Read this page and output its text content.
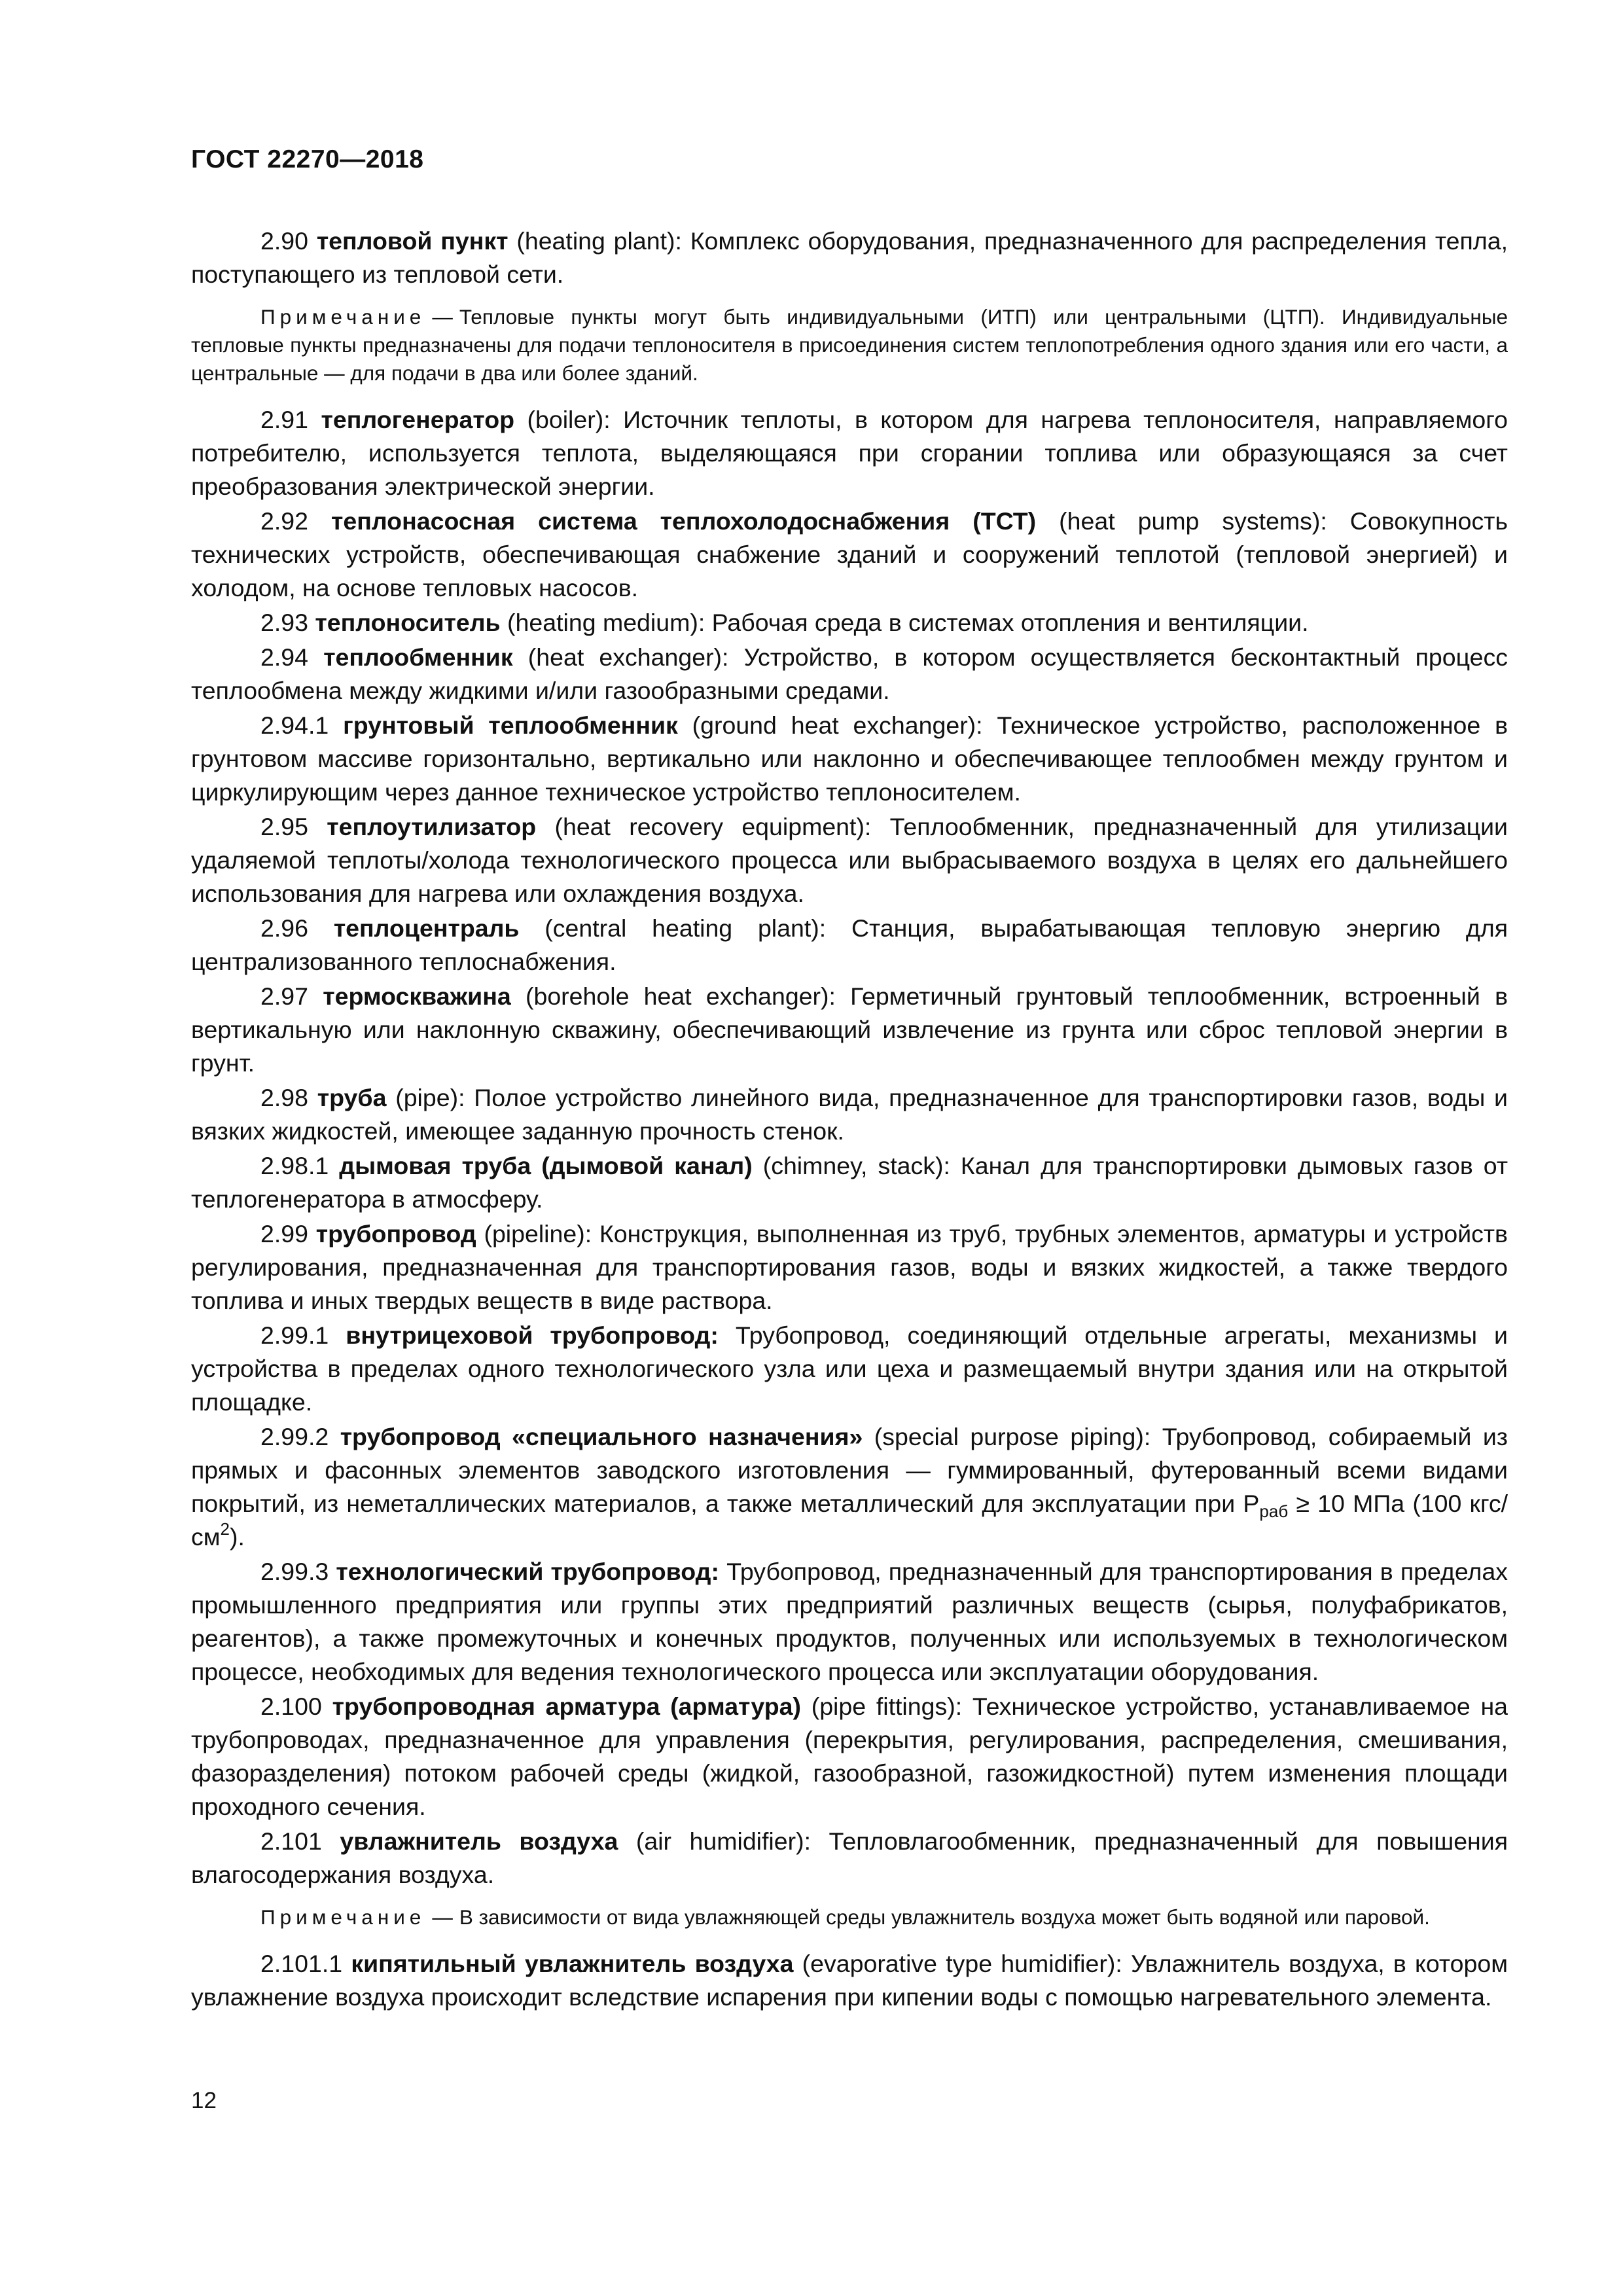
ГОСТ 22270—2018

2.90 тепловой пункт (heating plant): Комплекс оборудования, предназначенного для распределения тепла, поступающего из тепловой сети.

Примечание — Тепловые пункты могут быть индивидуальными (ИТП) или центральными (ЦТП). Индивидуальные тепловые пункты предназначены для подачи теплоносителя в присоединения систем теплопотребления одного здания или его части, а центральные — для подачи в два или более зданий.

2.91 теплогенератор (boiler): Источник теплоты, в котором для нагрева теплоносителя, направляемого потребителю, используется теплота, выделяющаяся при сгорании топлива или образующаяся за счет преобразования электрической энергии.

2.92 теплонасосная система теплохолодоснабжения (ТСТ) (heat pump systems): Совокупность технических устройств, обеспечивающая снабжение зданий и сооружений теплотой (тепловой энергией) и холодом, на основе тепловых насосов.

2.93 теплоноситель (heating medium): Рабочая среда в системах отопления и вентиляции.

2.94 теплообменник (heat exchanger): Устройство, в котором осуществляется бесконтактный процесс теплообмена между жидкими и/или газообразными средами.

2.94.1 грунтовый теплообменник (ground heat exchanger): Техническое устройство, расположенное в грунтовом массиве горизонтально, вертикально или наклонно и обеспечивающее теплообмен между грунтом и циркулирующим через данное техническое устройство теплоносителем.

2.95 теплоутилизатор (heat recovery equipment): Теплообменник, предназначенный для утилизации удаляемой теплоты/холода технологического процесса или выбрасываемого воздуха в целях его дальнейшего использования для нагрева или охлаждения воздуха.

2.96 теплоцентраль (central heating plant): Станция, вырабатывающая тепловую энергию для централизованного теплоснабжения.

2.97 термоскважина (borehole heat exchanger): Герметичный грунтовый теплообменник, встроенный в вертикальную или наклонную скважину, обеспечивающий извлечение из грунта или сброс тепловой энергии в грунт.

2.98 труба (pipe): Полое устройство линейного вида, предназначенное для транспортировки газов, воды и вязких жидкостей, имеющее заданную прочность стенок.

2.98.1 дымовая труба (дымовой канал) (chimney, stack): Канал для транспортировки дымовых газов от теплогенератора в атмосферу.

2.99 трубопровод (pipeline): Конструкция, выполненная из труб, трубных элементов, арматуры и устройств регулирования, предназначенная для транспортирования газов, воды и вязких жидкостей, а также твердого топлива и иных твердых веществ в виде раствора.

2.99.1 внутрицеховой трубопровод: Трубопровод, соединяющий отдельные агрегаты, механизмы и устройства в пределах одного технологического узла или цеха и размещаемый внутри здания или на открытой площадке.

2.99.2 трубопровод «специального назначения» (special purpose piping): Трубопровод, собираемый из прямых и фасонных элементов заводского изготовления — гуммированный, футерованный всеми видами покрытий, из неметаллических материалов, а также металлический для эксплуатации при $P_{раб} \ge 10$ МПа (100 кгс/$см^2$).

2.99.3 технологический трубопровод: Трубопровод, предназначенный для транспортирования в пределах промышленного предприятия или группы этих предприятий различных веществ (сырья, полуфабрикатов, реагентов), а также промежуточных и конечных продуктов, полученных или используемых в технологическом процессе, необходимых для ведения технологического процесса или эксплуатации оборудования.

2.100 трубопроводная арматура (арматура) (pipe fittings): Техническое устройство, устанавливаемое на трубопроводах, предназначенное для управления (перекрытия, регулирования, распределения, смешивания, фазоразделения) потоком рабочей среды (жидкой, газообразной, газожидкостной) путем изменения площади проходного сечения.

2.101 увлажнитель воздуха (air humidifier): Тепловлагообменник, предназначенный для повышения влагосодержания воздуха.

Примечание — В зависимости от вида увлажняющей среды увлажнитель воздуха может быть водяной или паровой.

2.101.1 кипятильный увлажнитель воздуха (evaporative type humidifier): Увлажнитель воздуха, в котором увлажнение воздуха происходит вследствие испарения при кипении воды с помощью нагревательного элемента.

12
